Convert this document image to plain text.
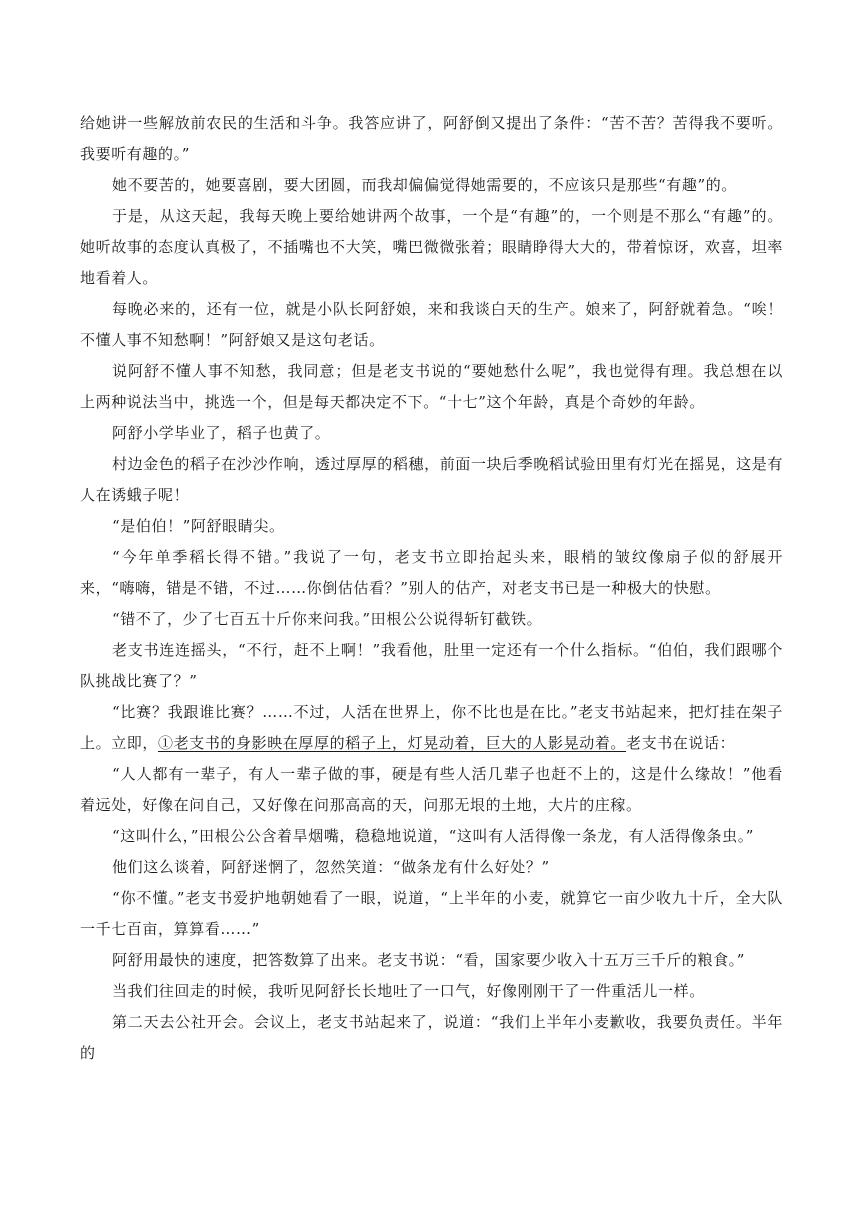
给她讲一些解放前农民的生活和斗争。我答应讲了，阿舒倒又提出了条件：“苦不苦？苦得我不要听。我要听有趣的。”

她不要苦的，她要喜剧，要大团圆，而我却偏偏觉得她需要的，不应该只是那些“有趣”的。

于是，从这天起，我每天晚上要给她讲两个故事，一个是“有趣”的，一个则是不那么“有趣”的。她听故事的态度认真极了，不插嘴也不大笑，嘴巴微微张着；眼睛睁得大大的，带着惊讶，欢喜，坦率地看着人。

每晚必来的，还有一位，就是小队长阿舒娘，来和我谈白天的生产。娘来了，阿舒就着急。“唉！不懂人事不知愁啊！”阿舒娘又是这句老话。

说阿舒不懂人事不知愁，我同意；但是老支书说的“要她愁什么呢”，我也觉得有理。我总想在以上两种说法当中，挑选一个，但是每天都决定不下。“十七”这个年龄，真是个奇妙的年龄。

阿舒小学毕业了，稻子也黄了。

村边金色的稻子在沙沙作响，透过厚厚的稻穗，前面一块后季晚稻试验田里有灯光在摇晃，这是有人在诱蛾子呢！

“是伯伯！”阿舒眼睛尖。

“今年单季稻长得不错。”我说了一句，老支书立即抬起头来，眼梢的皱纹像扇子似的舒展开来，“嗨嗨，错是不错，不过……你倒估估看？”别人的估产，对老支书已是一种极大的快慰。

“错不了，少了七百五十斤你来问我。”田根公公说得斩钉截铁。

老支书连连摇头，“不行，赶不上啊！”我看他，肚里一定还有一个什么指标。“伯伯，我们跟哪个队挑战比赛了？”

“比赛？我跟谁比赛？……不过，人活在世界上，你不比也是在比。”老支书站起来，把灯挂在架子上。立即，①老支书的身影映在厚厚的稻子上，灯晃动着，巨大的人影晃动着。老支书在说话：

“人人都有一辈子，有人一辈子做的事，硬是有些人活几辈子也赶不上的，这是什么缘故！”他看着远处，好像在问自己，又好像在问那高高的天，问那无垠的土地，大片的庄稼。

“这叫什么，”田根公公含着旱烟嘴，稳稳地说道，“这叫有人活得像一条龙，有人活得像条虫。”

他们这么谈着，阿舒迷惘了，忽然笑道：“做条龙有什么好处？”

“你不懂。”老支书爱护地朝她看了一眼，说道，“上半年的小麦，就算它一亩少收九十斤，全大队一千七百亩，算算看……”

阿舒用最快的速度，把答数算了出来。老支书说：“看，国家要少收入十五万三千斤的粮食。”

当我们往回走的时候，我听见阿舒长长地吐了一口气，好像刚刚干了一件重活儿一样。

第二天去公社开会。会议上，老支书站起来了，说道：“我们上半年小麦歉收，我要负责任。半年的
